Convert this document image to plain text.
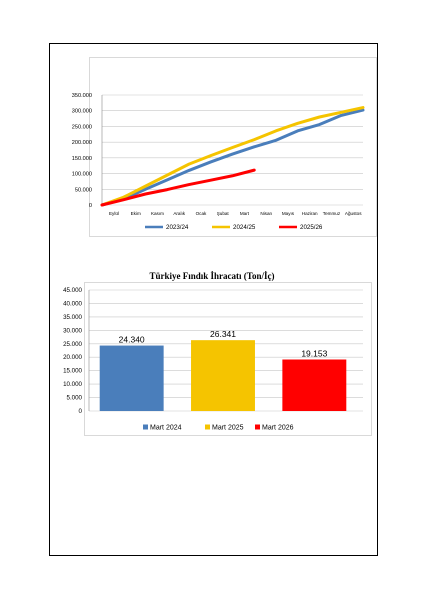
0
50.000
100.000
150.000
200.000
250.000
300.000
350.000
Eylül	Ekim Kasım Aralık Ocak Şubat Mart Nisan Mayıs Haziran Temmuz Ağustos
2023/24	2024/25	2025/26
Türkiye Fındık İhracatı (Ton/İç)
0
5.000
10.000
15.000
20.000
25.000
30.000
35.000
40.000
45.000
24.340
26.341
19.153
Mart 2024	Mart 2025	Mart 2026
